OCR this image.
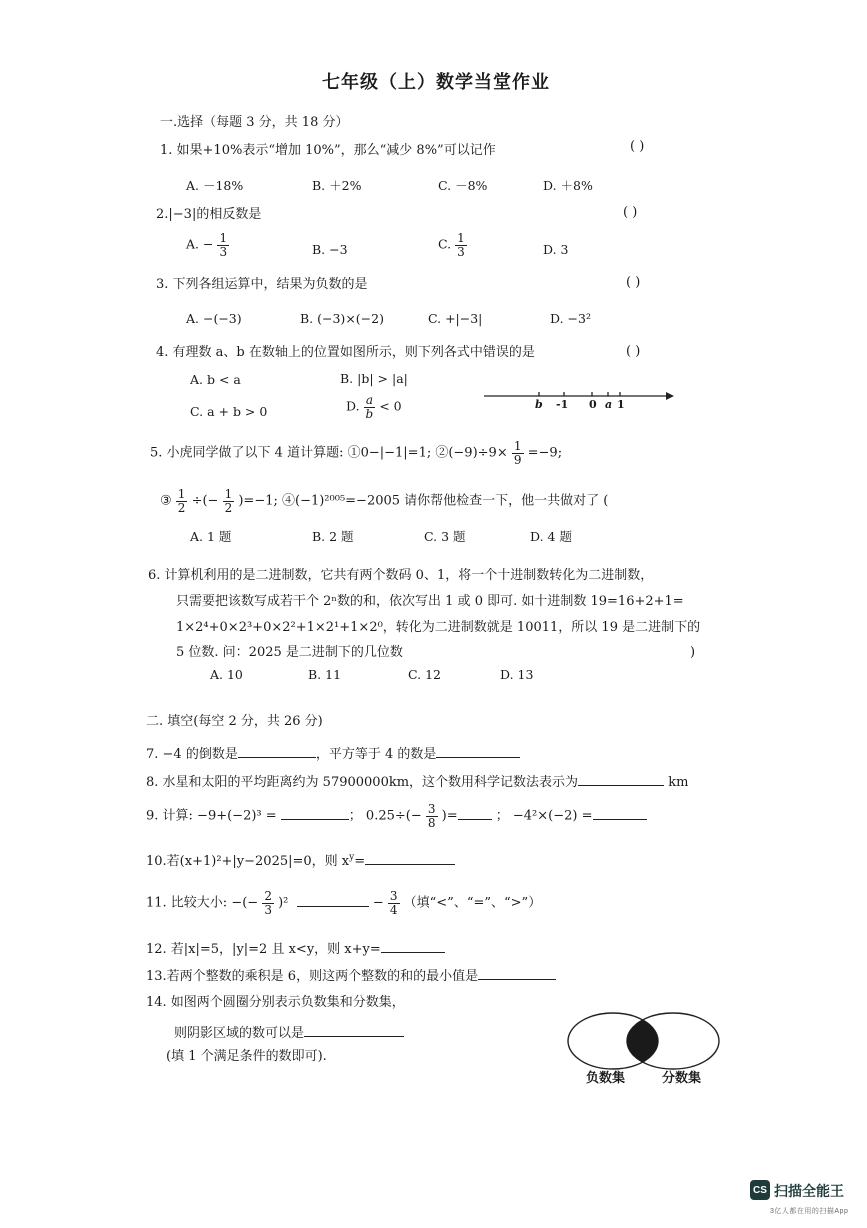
七年级（上）数学当堂作业
一.选择（每题 3 分，共 18 分）
1. 如果+10%表示“增加 10%”，那么“减少 8%”可以记作	( )
A. －18%	B. ＋2%	C. －8%	D. ＋8%
2.|−3|的相反数是	( )
A. − $\frac{1}{3}$	B. −3	C. $\frac{1}{3}$	D. 3
3. 下列各组运算中，结果为负数的是	( )
A. −(−3)	B. (−3)×(−2)	C. +|−3|	D. −3²
4. 有理数 a、b 在数轴上的位置如图所示，则下列各式中错误的是	( )
A. b < a	B. |b| > |a|
C. a + b > 0	D. $\frac{a}{b} < 0$	b -1 0 a 1
5. 小虎同学做了以下 4 道计算题: ①0−|−1|=1; ②(−9)÷9× $\frac{1}{9} =-9$;
③ $\frac{1}{2}$ ÷(− $\frac{1}{2} )=-1$; ④(−1)²⁰⁰⁵=−2005 请你帮他检查一下，他一共做对了 (
A. 1 题	B. 2 题	C. 3 题	D. 4 题
6. 计算机利用的是二进制数，它共有两个数码 0、1，将一个十进制数转化为二进制数，
只需要把该数写成若干个 2ⁿ数的和，依次写出 1 或 0 即可. 如十进制数 19=16+2+1=
1×2⁴+0×2³+0×2²+1×2¹+1×2⁰，转化为二进制数就是 10011，所以 19 是二进制下的
5 位数. 问：2025 是二进制下的几位数	)
A. 10	B. 11	C. 12	D. 13
二. 填空(每空 2 分，共 26 分)
7. −4 的倒数是	，平方等于 4 的数是
8. 水星和太阳的平均距离约为 57900000km，这个数用科学记数法表示为	km
9. 计算: −9+(−2)³ =	； $0.25\div(- \frac{3}{8}$ )=	； −4²×(−2) =
10.若(x+1)²+|y−2025|=0，则 $x^y=$
11. 比较大小: −(− $\frac{2}{3} )^2$	− $\frac{3}{4}$ （填“<”、“=”、“>”）
12. 若|x|=5，|y|=2 且 x<y，则 x+y=
13.若两个整数的乘积是 6，则这两个整数的和的最小值是
14. 如图两个圆圈分别表示负数集和分数集，
则阴影区域的数可以是
(填 1 个满足条件的数即可).
负数集	分数集
CS 扫描全能王
3亿人都在用的扫描App
